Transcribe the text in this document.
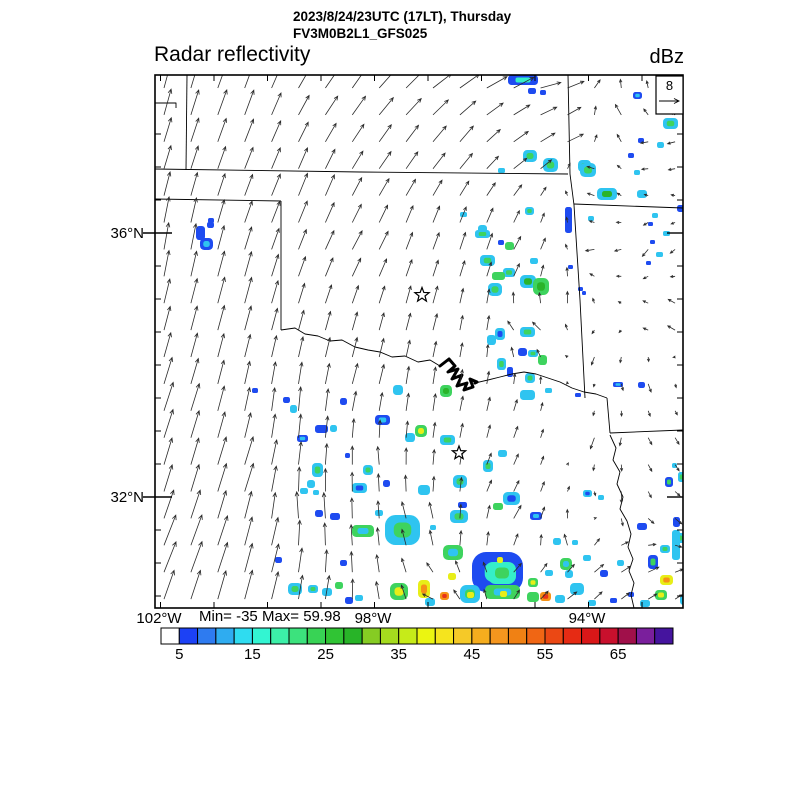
2023/8/24/23UTC (17LT), Thursday
FV3M0B2L1_GFS025
Radar reflectivity	dBz
36°N
32°N
102°W	98°W	94°W
Min= -35 Max= 59.98
8
5	15	25	35	45	55	65
